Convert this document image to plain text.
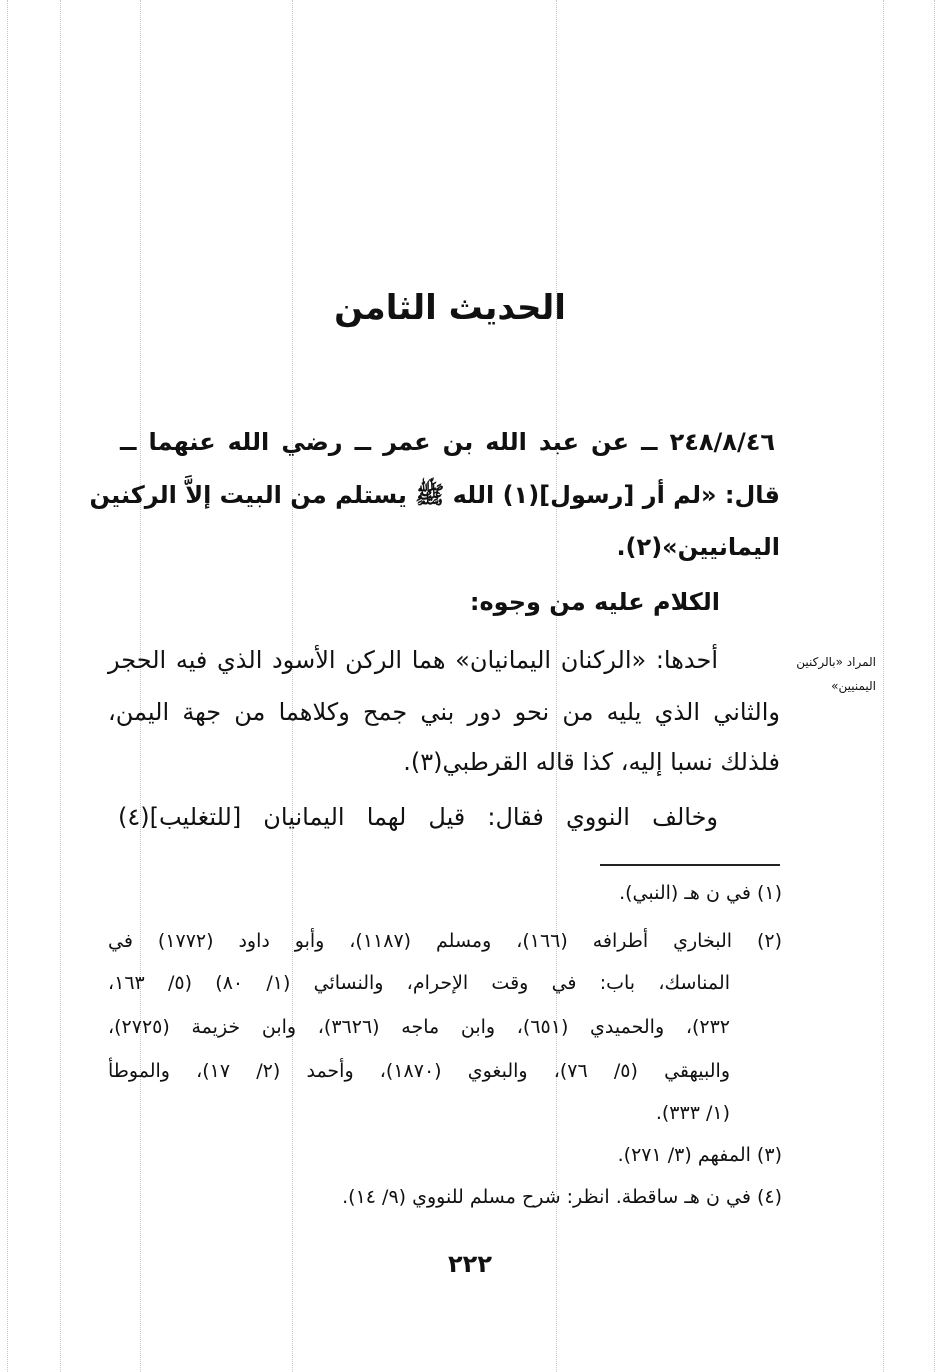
الحديث الثامن
٢٤٨/٨/٤٦ ــ عن عبد الله بن عمر ــ رضي الله عنهما ــ
قال: «لم أر [رسول](١) الله ﷺ يستلم من البيت إلاَّ الركنين
اليمانيين»(٢).
الكلام عليه من وجوه:
أحدها: «الركنان اليمانيان» هما الركن الأسود الذي فيه الحجر
والثاني الذي يليه من نحو دور بني جمح وكلاهما من جهة اليمن،
فلذلك نسبا إليه، كذا قاله القرطبي(٣).
وخالف النووي فقال: قيل لهما اليمانيان [للتغليب](٤)
المراد «بالركنين
اليمنيين»
(١) في ن هـ (النبي).
(٢) البخاري أطرافه (١٦٦)، ومسلم (١١٨٧)، وأبو داود (١٧٧٢) في
المناسك، باب: في وقت الإحرام، والنسائي (١/ ٨٠) (٥/ ١٦٣،
٢٣٢)، والحميدي (٦٥١)، وابن ماجه (٣٦٢٦)، وابن خزيمة (٢٧٢٥)،
والبيهقي (٥/ ٧٦)، والبغوي (١٨٧٠)، وأحمد (٢/ ١٧)، والموطأ
(١/ ٣٣٣).
(٣) المفهم (٣/ ٢٧١).
(٤) في ن هـ ساقطة. انظر: شرح مسلم للنووي (٩/ ١٤).
٢٢٢
